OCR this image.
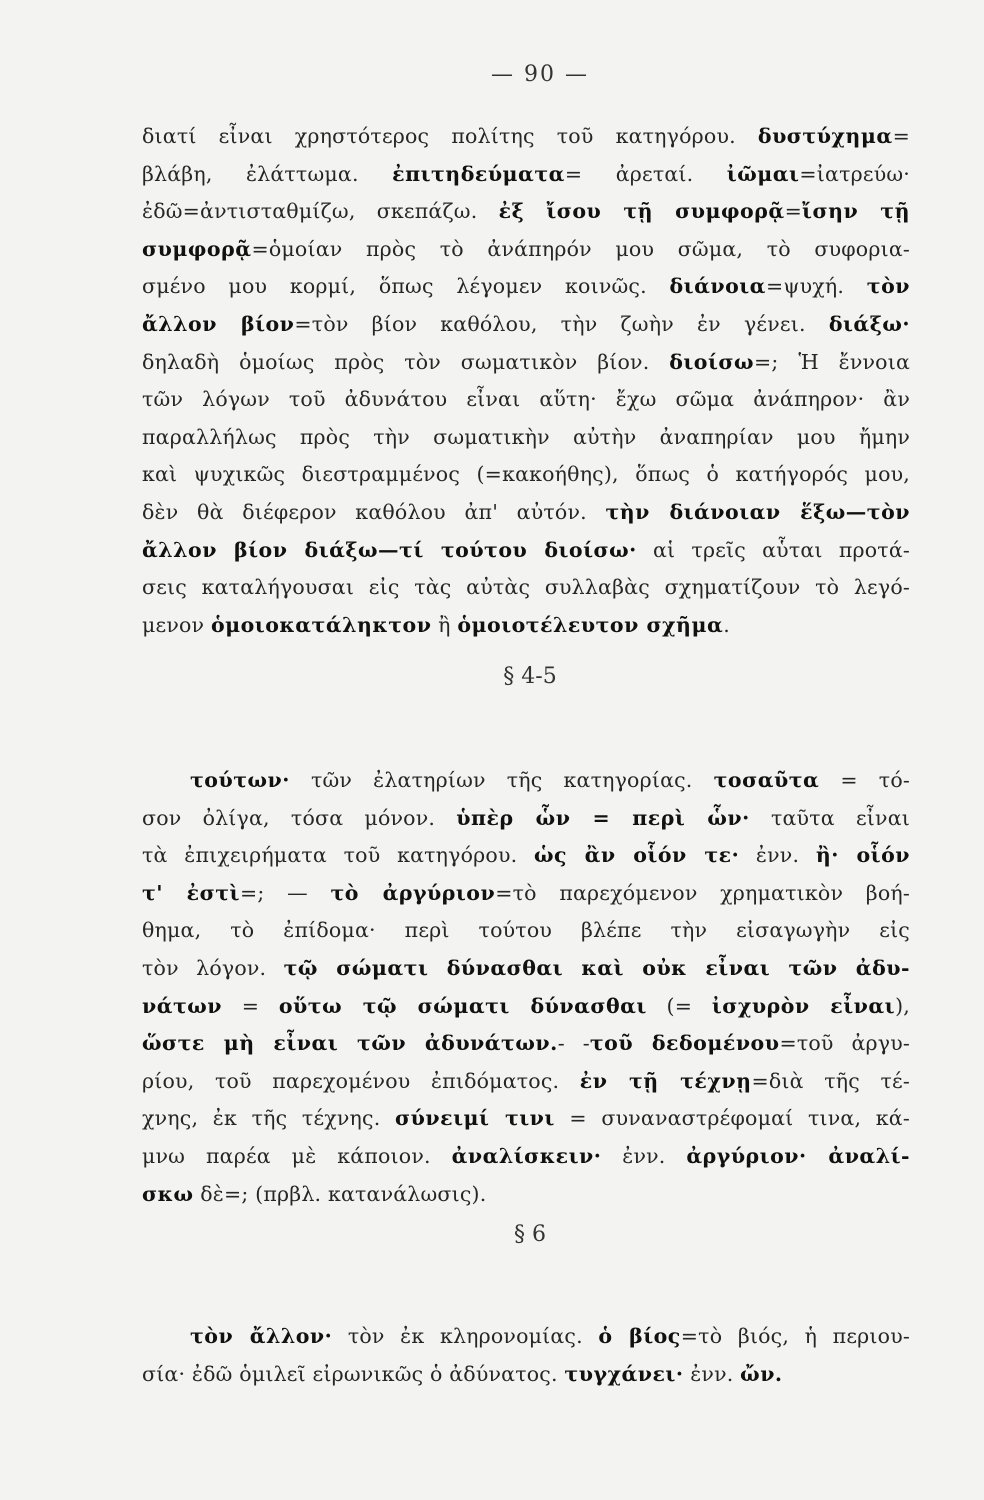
— 90 —
διατί εἶναι χρηστότερος πολίτης τοῦ κατηγόρου. δυστύχημα=
βλάβη, ἐλάττωμα. ἐπιτηδεύματα= ἀρεταί. ἰῶμαι=ἰατρεύω·
ἐδῶ=ἀντισταθμίζω, σκεπάζω. ἐξ ἴσου τῇ συμφορᾷ=ἴσην τῇ
συμφορᾷ=ὁμοίαν πρὸς τὸ ἀνάπηρόν μου σῶμα, τὸ συφορια-
σμένο μου κορμί, ὅπως λέγομεν κοινῶς. διάνοια=ψυχή. τὸν
ἄλλον βίον=τὸν βίον καθόλου, τὴν ζωὴν ἐν γένει. διάξω·
δηλαδὴ ὁμοίως πρὸς τὸν σωματικὸν βίον. διοίσω=; Ἡ ἔννοια
τῶν λόγων τοῦ ἀδυνάτου εἶναι αὕτη· ἔχω σῶμα ἀνάπηρον· ἂν
παραλλήλως πρὸς τὴν σωματικὴν αὐτὴν ἀναπηρίαν μου ἤμην
καὶ ψυχικῶς διεστραμμένος (=κακοήθης), ὅπως ὁ κατήγορός μου,
δὲν θὰ διέφερον καθόλου ἀπ' αὐτόν. τὴν διάνοιαν ἕξω—τὸν
ἄλλον βίον διάξω—τί τούτου διοίσω· αἱ τρεῖς αὗται προτά-
σεις καταλήγουσαι εἰς τὰς αὐτὰς συλλαβὰς σχηματίζουν τὸ λεγό-
μενον ὁμοιοκατάληκτον ἢ ὁμοιοτέλευτον σχῆμα.
§ 4-5
τούτων· τῶν ἐλατηρίων τῆς κατηγορίας. τοσαῦτα = τό-
σον ὀλίγα, τόσα μόνον. ὑπὲρ ὧν = περὶ ὧν· ταῦτα εἶναι
τὰ ἐπιχειρήματα τοῦ κατηγόρου. ὡς ἂν οἷόν τε· ἐνν. ἢ· οἷόν
τ' ἐστὶ=; — τὸ ἀργύριον=τὸ παρεχόμενον χρηματικὸν βοή-
θημα, τὸ ἐπίδομα· περὶ τούτου βλέπε τὴν εἰσαγωγὴν εἰς
τὸν λόγον. τῷ σώματι δύνασθαι καὶ οὐκ εἶναι τῶν ἀδυ-
νάτων = οὕτω τῷ σώματι δύνασθαι (= ἰσχυρὸν εἶναι),
ὥστε μὴ εἶναι τῶν ἀδυνάτων.- -τοῦ δεδομένου=τοῦ ἀργυ-
ρίου, τοῦ παρεχομένου ἐπιδόματος. ἐν τῇ τέχνῃ=διὰ τῆς τέ-
χνης, ἐκ τῆς τέχνης. σύνειμί τινι = συναναστρέφομαί τινα, κά-
μνω παρέα μὲ κάποιον. ἀναλίσκειν· ἐνν. ἀργύριον· ἀναλί-
σκω δὲ=; (πρβλ. κατανάλωσις).
§ 6
τὸν ἄλλον· τὸν ἐκ κληρονομίας. ὁ βίος=τὸ βιός, ἡ περιου-
σία· ἐδῶ ὁμιλεῖ εἰρωνικῶς ὁ ἀδύνατος. τυγχάνει· ἐνν. ὤν.
